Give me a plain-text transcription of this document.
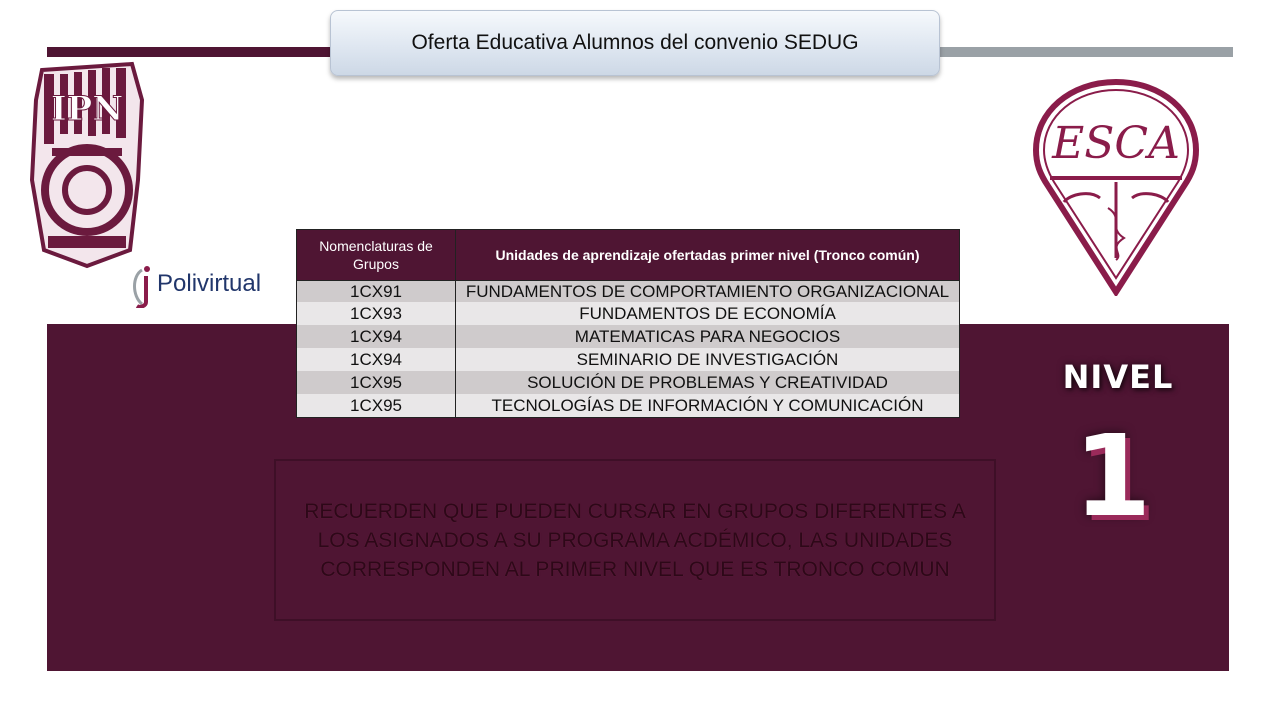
Oferta Educativa Alumnos del convenio SEDUG
IPN
Polivirtual
ESCA
NIVEL
1
Nomenclaturas de Grupos	Unidades de aprendizaje ofertadas primer nivel (Tronco común)
1CX91	FUNDAMENTOS DE COMPORTAMIENTO ORGANIZACIONAL
1CX93	FUNDAMENTOS DE ECONOMÍA
1CX94	MATEMATICAS PARA NEGOCIOS
1CX94	SEMINARIO DE INVESTIGACIÓN
1CX95	SOLUCIÓN DE PROBLEMAS Y CREATIVIDAD
1CX95	TECNOLOGÍAS DE INFORMACIÓN Y COMUNICACIÓN
RECUERDEN QUE PUEDEN CURSAR EN GRUPOS DIFERENTES A LOS ASIGNADOS A SU PROGRAMA ACDÉMICO, LAS UNIDADES CORRESPONDEN AL PRIMER NIVEL QUE ES TRONCO COMUN
